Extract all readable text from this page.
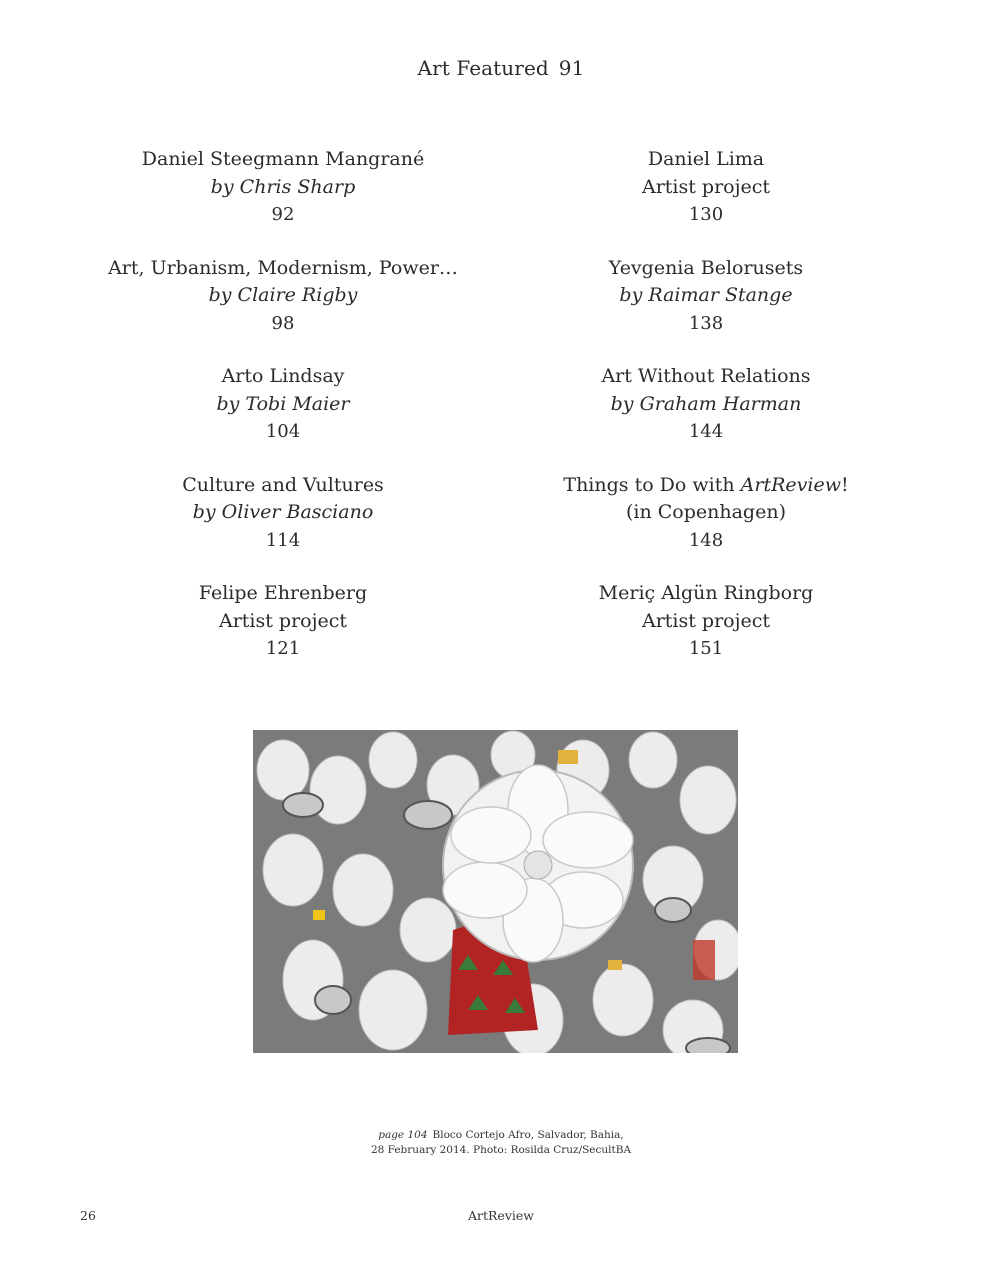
Art Featured 91
Daniel Steegmann Mangrané
by Chris Sharp
92
Art, Urbanism, Modernism, Power…
by Claire Rigby
98
Arto Lindsay
by Tobi Maier
104
Culture and Vultures
by Oliver Basciano
114
Felipe Ehrenberg
Artist project
121
Daniel Lima
Artist project
130
Yevgenia Belorusets
by Raimar Stange
138
Art Without Relations
by Graham Harman
144
Things to Do with ArtReview!
(in Copenhagen)
148
Meriç Algün Ringborg
Artist project
151
page 104 Bloco Cortejo Afro, Salvador, Bahia,
28 February 2014. Photo: Rosilda Cruz/SecultBA
26	ArtReview
